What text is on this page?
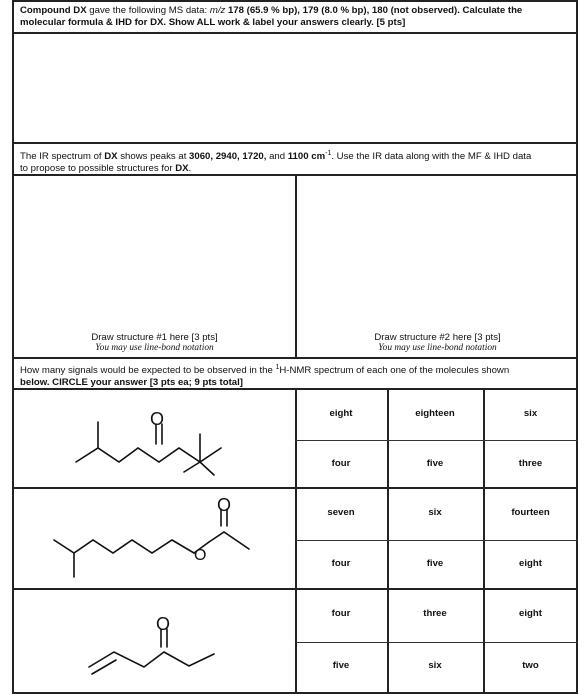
Compound DX gave the following MS data: m/z 178 (65.9 % bp), 179 (8.0 % bp), 180 (not observed). Calculate the
molecular formula & IHD for DX. Show ALL work & label your answers clearly. [5 pts]
The IR spectrum of DX shows peaks at 3060, 2940, 1720, and 1100 $cm^{-1}$. Use the IR data along with the MF & IHD data
to propose to possible structures for DX.
Draw structure #1 here [3 pts]
You may use line-bond notation
Draw structure #2 here [3 pts]
You may use line-bond notation
How many signals would be expected to be observed in the $^1$H-NMR spectrum of each one of the molecules shown
below. CIRCLE your answer [3 pts ea; 9 pts total]
O
O
O
O
eight	eighteen	six
four	five	three
seven	six	fourteen
four	five	eight
four	three	eight
five	six	two
